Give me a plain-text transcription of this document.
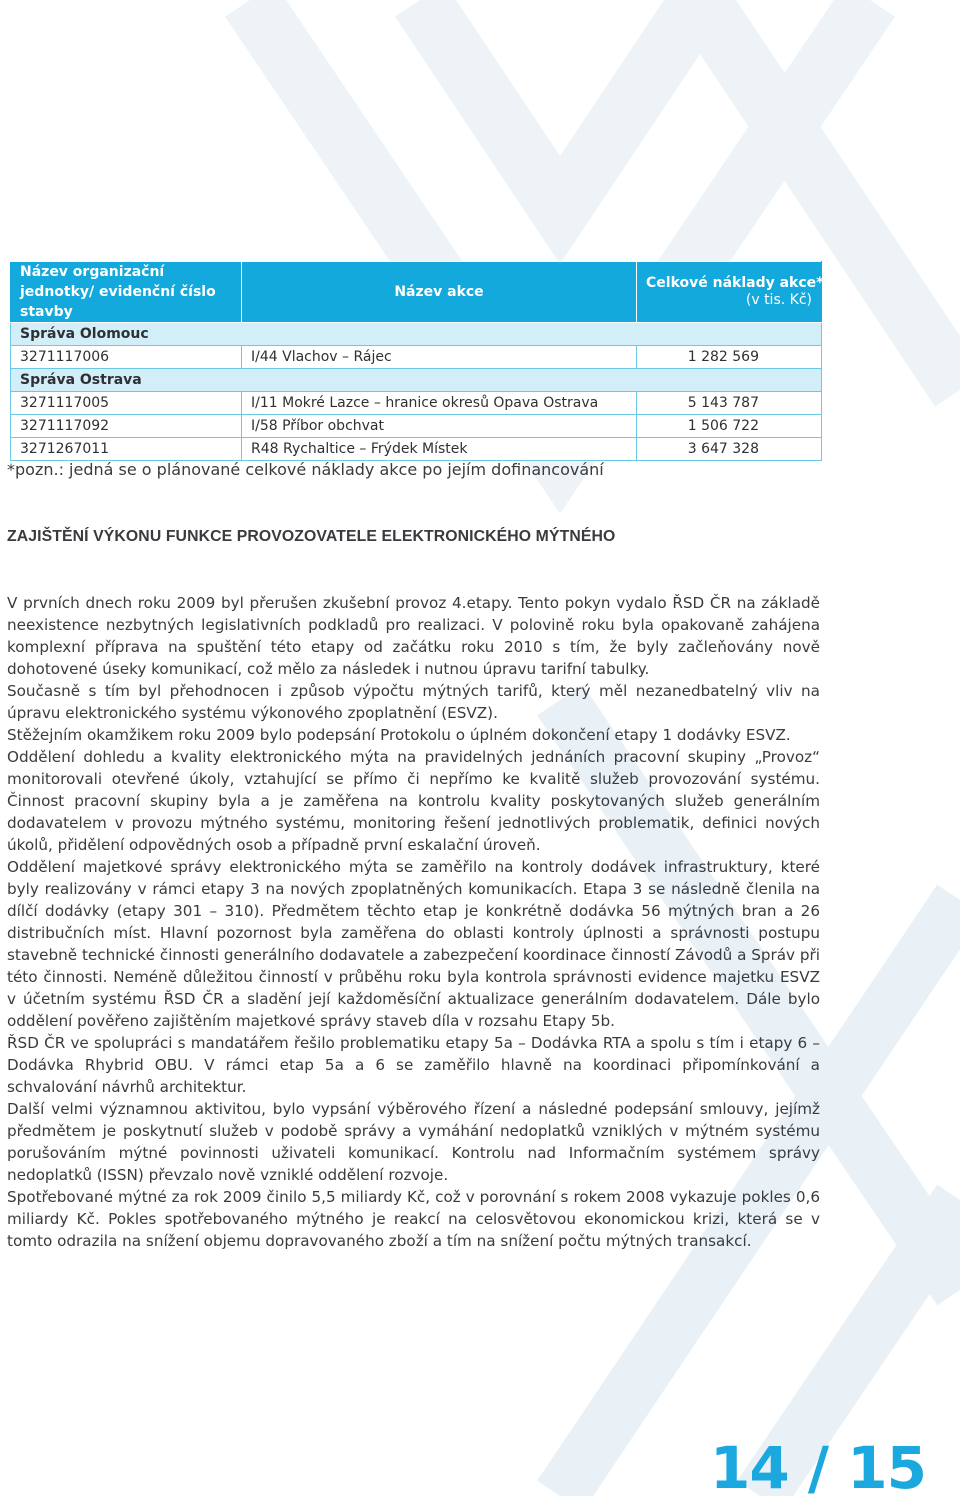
Název organizační jednotky/ evidenční číslo stavby	Název akce	Celkové náklady akce*
(v tis. Kč)

Správa Olomouc		
3271117006	I/44 Vlachov – Rájec	1 282 569
Správa Ostrava		
3271117005	I/11 Mokré Lazce – hranice okresů Opava Ostrava	5 143 787
3271117092	I/58 Příbor obchvat	1 506 722
3271267011	R48 Rychaltice – Frýdek Místek	3 647 328
*pozn.: jedná se o plánované celkové náklady akce po jejím dofinancování
ZAJIŠTĚNÍ VÝKONU FUNKCE PROVOZOVATELE ELEKTRONICKÉHO MÝTNÉHO

V prvních dnech roku 2009 byl přerušen zkušební provoz 4.etapy. Tento pokyn vydalo ŘSD ČR na základě neexistence nezbytných legislativních podkladů pro realizaci. V polovině roku byla opakovaně zahájena komplexní příprava na spuštění této etapy od začátku roku 2010 s tím, že byly začleňovány nově dohotovené úseky komunikací, což mělo za následek i nutnou úpravu tarifní tabulky.

Současně s tím byl přehodnocen i způsob výpočtu mýtných tarifů, který měl nezanedbatelný vliv na úpravu elektronického systému výkonového zpoplatnění (ESVZ).

Stěžejním okamžikem roku 2009 bylo podepsání Protokolu o úplném dokončení etapy 1 dodávky ESVZ.

Oddělení dohledu a kvality elektronického mýta na pravidelných jednáních pracovní skupiny „Provoz“ monitorovali otevřené úkoly, vztahující se přímo či nepřímo ke kvalitě služeb provozování systému. Činnost pracovní skupiny byla a je zaměřena na kontrolu kvality poskytovaných služeb generálním dodavatelem v provozu mýtného systému, monitoring řešení jednotlivých problematik, definici nových úkolů, přidělení odpovědných osob a případně první eskalační úroveň.

Oddělení majetkové správy elektronického mýta se zaměřilo na kontroly dodávek infrastruktury, které byly realizovány v rámci etapy 3 na nových zpoplatněných komunikacích. Etapa 3 se následně členila na dílčí dodávky (etapy 301 – 310). Předmětem těchto etap je konkrétně dodávka 56 mýtných bran a 26 distribučních míst. Hlavní pozornost byla zaměřena do oblasti kontroly úplnosti a správnosti postupu stavebně technické činnosti generálního dodavatele a zabezpečení koordinace činností Závodů a Správ při této činnosti. Neméně důležitou činností v průběhu roku byla kontrola správnosti evidence majetku ESVZ v účetním systému ŘSD ČR a sladění její každoměsíční aktualizace generálním dodavatelem. Dále bylo oddělení pověřeno zajištěním majetkové správy staveb díla v rozsahu Etapy 5b.

ŘSD ČR ve spolupráci s mandatářem řešilo problematiku etapy 5a – Dodávka RTA a spolu s tím i etapy 6 – Dodávka Rhybrid OBU. V rámci etap 5a a 6 se zaměřilo hlavně na koordinaci připomínkování a schvalování návrhů architektur.

Další velmi významnou aktivitou, bylo vypsání výběrového řízení a následné podepsání smlouvy, jejímž předmětem je poskytnutí služeb v podobě správy a vymáhání nedoplatků vzniklých v mýtném systému porušováním mýtné povinnosti uživateli komunikací. Kontrolu nad Informačním systémem správy nedoplatků (ISSN) převzalo nově vzniklé oddělení rozvoje.

Spotřebované mýtné za rok 2009 činilo 5,5 miliardy Kč, což v porovnání s rokem 2008 vykazuje pokles 0,6 miliardy Kč. Pokles spotřebovaného mýtného je reakcí na celosvětovou ekonomickou krizi, která se v tomto odrazila na snížení objemu dopravovaného zboží a tím na snížení počtu mýtných transakcí.

14 / 15
